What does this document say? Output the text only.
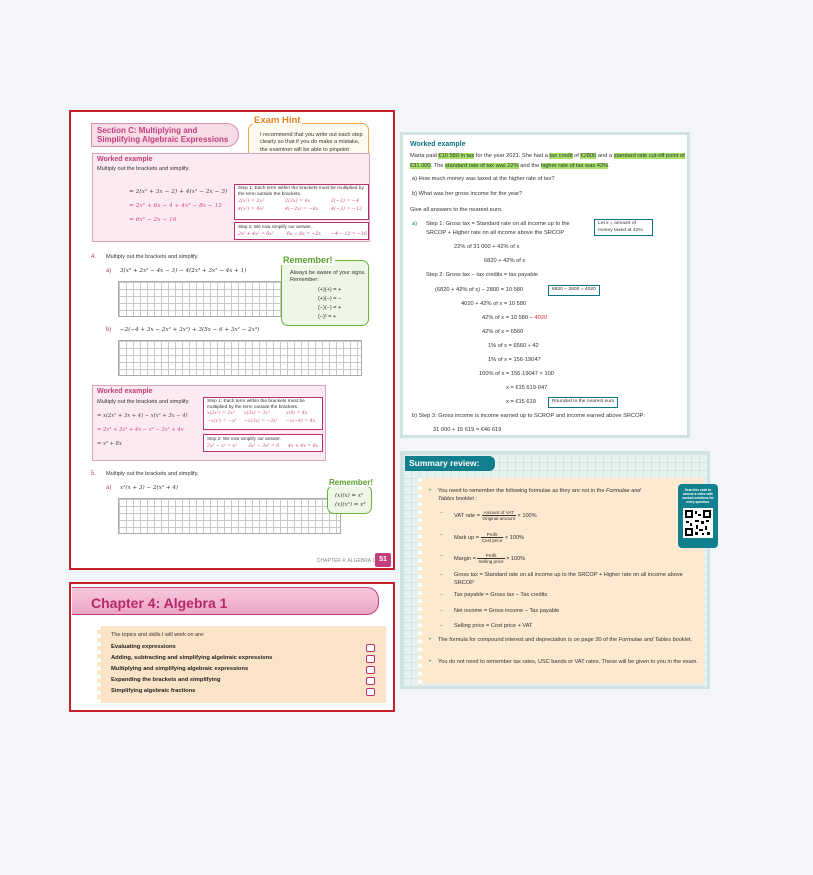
Section C: Multiplying and Simplifying Algebraic Expressions
Exam Hint
I recommend that you write out each step clearly so that if you do make a mistake, the examiner will be able to pinpoint
Worked example
Multiply out the brackets and simplify.
= 2(x² + 3x − 2) + 4(x² − 2x − 3)
= 2x² + 6x − 4 + 4x² − 8x − 12
= 6x² − 2x − 16
Step 1: Each term within the brackets must be multiplied by the term outside the brackets.
2(x²) = 2x²	2(3x) = 6x	2(−2) = −4
4(x²) = 4x²	4(−2x) = −8x	4(−3) = −12
Step 2: We now simplify our answer.
2x² + 4x² = 6x²	6x − 8x = −2x −4 − 12 = −16
4. Multiply out the brackets and simplify.
a) 3(x³ + 2x² − 4x − 3) − 4(2x³ + 3x² − 4x + 1)
b) −2(−4 + 3x − 2x² + 3x³) + 3(5x − 6 + 3x² − 2x³)
Remember!
Always be aware of your signs. Remember:
(+)(+) = +
(+)(−) = −
(−)(−) = +
(−)² = +
Worked example
Multiply out the brackets and simplify.
= x(2x² + 3x + 4) − x(x² + 3x − 4)
= 2x³ + 3x² + 4x − x³ − 3x² + 4x
= x³ + 8x
Step 1: Each term within the brackets must be multiplied by the term outside the brackets.
x(2x²) = 2x³ x(3x) = 3x²	x(4) = 4x
−x(x²) = −x³ −x(3x) = −3x² −x(−4) = 4x
Step 2: We now simplify our answer.
2x³ − x³ = x³ 3x² − 3x² = 0 4x + 4x = 8x
5. Multiply out the brackets and simplify.
a) x²(x + 3) − 2(x² + 4)
Remember!
(x)(x) = x²
(x)(x²) = x³
CHAPTER 4: ALGEBRA 1 51
Chapter 4: Algebra 1
The topics and skills I will work on are:
Evaluating expressions
Adding, subtracting and simplifying algebraic expressions
Multiplying and simplifying algebraic expressions
Expanding the brackets and simplifying
Simplifying algebraic fractions
Worked example
Marta paid €10 580 in tax for the year 2021. She had a tax credit of €2800 and a standard rate cut-off point of €31 000. The standard rate of tax was 22% and the higher rate of tax was 42%.
a) How much money was taxed at the higher rate of tax?
b) What was her gross income for the year?
Give all answers to the nearest euro.
a) Step 1: Gross tax = Standard rate on all income up to the
SRCOP + Higher rate on all income above the SRCOP
Let x = amount of money taxed at 42%.
22% of 31 000 + 42% of x
6820 + 42% of x
Step 2: Gross tax − tax credits = tax payable
(6820 + 42% of x) − 2800 = 10 580	6820 − 2800 = 4020
4020 + 42% of x = 10 580
42% of x = 10 580 − 4020
42% of x = 6560
1% of x = 6560 ÷ 42
1% of x = 156·19047
100% of x = 156·19047 × 100
x = €15 619·047
x = €15 619	Rounded to the nearest euro
b) Step 3: Gross income is income earned up to SCROP and income earned above SRCOP:
31 000 + 15 619 = €46 619
Summary review:
• You need to remember the following formulae as they are not in the Formulae and Tables booklet :
– VAT rate = $\frac{\text{Amount of VAT}}{\text{Original amount}} \times 100\%$
– Mark up = $\frac{\text{Profit}}{\text{Cost price}} \times 100\%$
– Margin = $\frac{\text{Profit}}{\text{Selling price}} \times 100\%$
– Gross tax = Standard rate on all income up to the SRCOP + Higher rate on all income above SRCOP
– Tax payable = Gross tax − Tax credits
– Net income = Gross income − Tax payable
– Selling price = Cost price + VAT
• The formula for compound interest and depreciation is on page 30 of the Formulae and Tables booklet.
• You do not need to remember tax rates, USC bands or VAT rates. These will be given to you in the exam.
Scan this code to access a video with worked solutions for every question.
